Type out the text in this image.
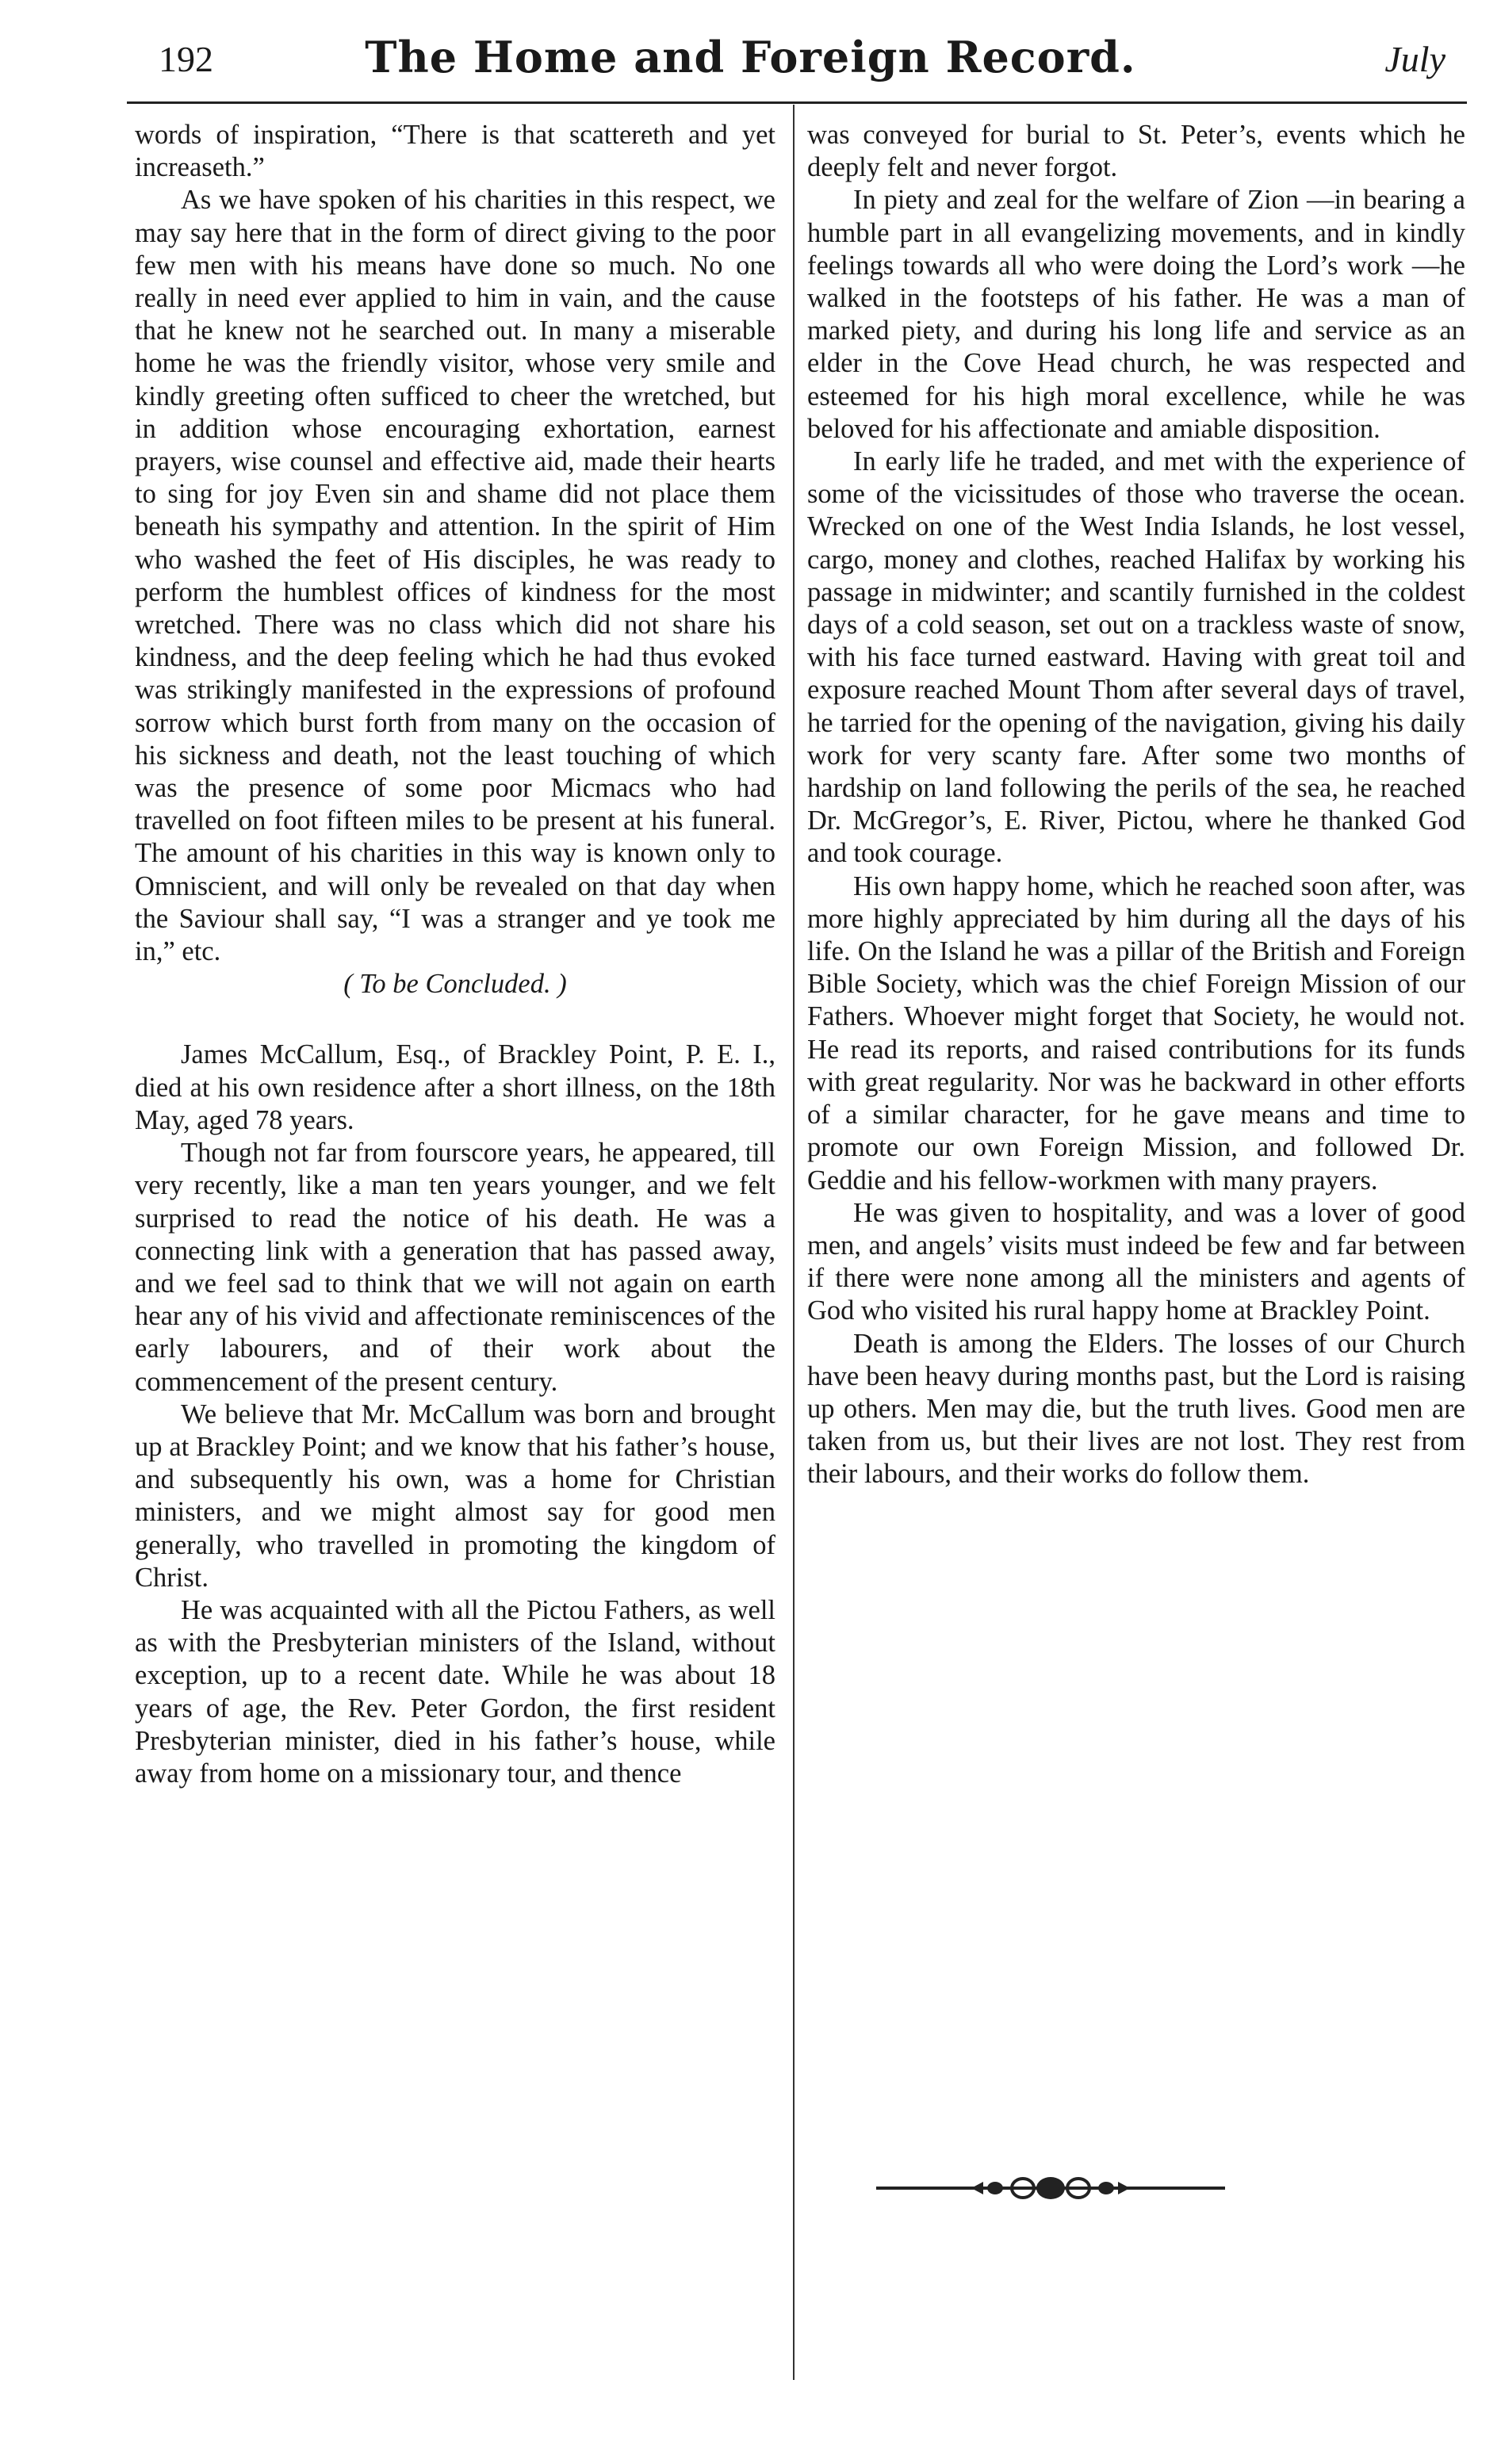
192	The Home and Foreign Record.	July

words of inspiration, “There is that scattereth and yet increaseth.”

As we have spoken of his charities in this respect, we may say here that in the form of direct giving to the poor few men with his means have done so much. No one really in need ever applied to him in vain, and the cause that he knew not he searched out. In many a miserable home he was the friendly visitor, whose very smile and kindly greeting often sufficed to cheer the wretched, but in addition whose encouraging exhortation, earnest prayers, wise counsel and effective aid, made their hearts to sing for joy Even sin and shame did not place them beneath his sympathy and attention. In the spirit of Him who washed the feet of His disciples, he was ready to perform the humblest offices of kindness for the most wretched. There was no class which did not share his kindness, and the deep feeling which he had thus evoked was strikingly manifested in the expressions of profound sorrow which burst forth from many on the occasion of his sickness and death, not the least touching of which was the presence of some poor Micmacs who had travelled on foot fifteen miles to be present at his funeral. The amount of his charities in this way is known only to Omniscient, and will only be revealed on that day when the Saviour shall say, “I was a stranger and ye took me in,” etc.

( To be Concluded. )

James McCallum, Esq., of Brackley Point, P. E. I., died at his own residence after a short illness, on the 18th May, aged 78 years.

Though not far from fourscore years, he appeared, till very recently, like a man ten years younger, and we felt surprised to read the notice of his death. He was a connecting link with a generation that has passed away, and we feel sad to think that we will not again on earth hear any of his vivid and affectionate reminiscences of the early labourers, and of their work about the commencement of the present century.

We believe that Mr. McCallum was born and brought up at Brackley Point; and we know that his father’s house, and subsequently his own, was a home for Christian ministers, and we might almost say for good men generally, who travelled in promoting the kingdom of Christ.

He was acquainted with all the Pictou Fathers, as well as with the Presbyterian ministers of the Island, without exception, up to a recent date. While he was about 18 years of age, the Rev. Peter Gordon, the first resident Presbyterian minister, died in his father’s house, while away from home on a missionary tour, and thence

was conveyed for burial to St. Peter’s, events which he deeply felt and never forgot.

In piety and zeal for the welfare of Zion —in bearing a humble part in all evangelizing movements, and in kindly feelings towards all who were doing the Lord’s work —he walked in the footsteps of his father. He was a man of marked piety, and during his long life and service as an elder in the Cove Head church, he was respected and esteemed for his high moral excellence, while he was beloved for his affectionate and amiable disposition.

In early life he traded, and met with the experience of some of the vicissitudes of those who traverse the ocean. Wrecked on one of the West India Islands, he lost vessel, cargo, money and clothes, reached Halifax by working his passage in midwinter; and scantily furnished in the coldest days of a cold season, set out on a trackless waste of snow, with his face turned eastward. Having with great toil and exposure reached Mount Thom after several days of travel, he tarried for the opening of the navigation, giving his daily work for very scanty fare. After some two months of hardship on land following the perils of the sea, he reached Dr. McGregor’s, E. River, Pictou, where he thanked God and took courage.

His own happy home, which he reached soon after, was more highly appreciated by him during all the days of his life. On the Island he was a pillar of the British and Foreign Bible Society, which was the chief Foreign Mission of our Fathers. Whoever might forget that Society, he would not. He read its reports, and raised contributions for its funds with great regularity. Nor was he backward in other efforts of a similar character, for he gave means and time to promote our own Foreign Mission, and followed Dr. Geddie and his fellow-workmen with many prayers.

He was given to hospitality, and was a lover of good men, and angels’ visits must indeed be few and far between if there were none among all the ministers and agents of God who visited his rural happy home at Brackley Point.

Death is among the Elders. The losses of our Church have been heavy during months past, but the Lord is raising up others. Men may die, but the truth lives. Good men are taken from us, but their lives are not lost. They rest from their labours, and their works do follow them.
